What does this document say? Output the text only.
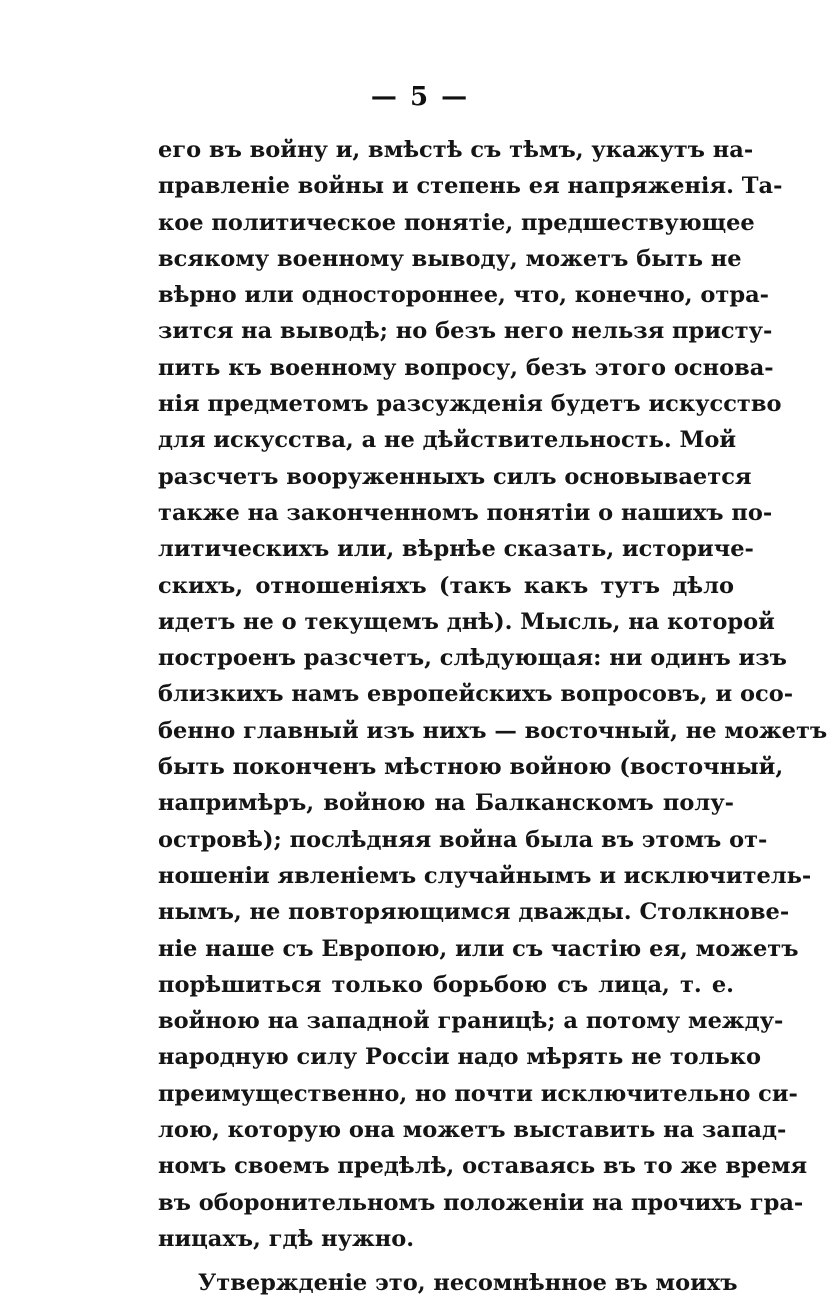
— 5 —
его въ войну и, вмѣстѣ съ тѣмъ, укажутъ на-
правленіе войны и степень ея напряженія. Та-
кое политическое понятіе, предшествующее
всякому военному выводу, можетъ быть не
вѣрно или одностороннее, что, конечно, отра-
зится на выводѣ; но безъ него нельзя присту-
пить къ военному вопросу, безъ этого основа-
нія предметомъ разсужденія будетъ искусство
для искусства, а не дѣйствительность. Мой
разсчетъ вооруженныхъ силъ основывается
также на законченномъ понятіи о нашихъ по-
литическихъ или, вѣрнѣе сказать, историче-
скихъ, отношеніяхъ (такъ какъ тутъ дѣло
идетъ не о текущемъ днѣ). Мысль, на которой
построенъ разсчетъ, слѣдующая: ни одинъ изъ
близкихъ намъ европейскихъ вопросовъ, и осо-
бенно главный изъ нихъ — восточный, не можетъ
быть поконченъ мѣстною войною (восточный,
напримѣръ, войною на Балканскомъ полу-
островѣ); послѣдняя война была въ этомъ от-
ношеніи явленіемъ случайнымъ и исключитель-
нымъ, не повторяющимся дважды. Столкнове-
ніе наше съ Европою, или съ частію ея, можетъ
порѣшиться только борьбою съ лица, т. е.
войною на западной границѣ; а потому между-
народную силу Россіи надо мѣрять не только
преимущественно, но почти исключительно си-
лою, которую она можетъ выставить на запад-
номъ своемъ предѣлѣ, оставаясь въ то же время
въ оборонительномъ положеніи на прочихъ гра-
ницахъ, гдѣ нужно.
Утвержденіе это, несомнѣнное въ моихъ
